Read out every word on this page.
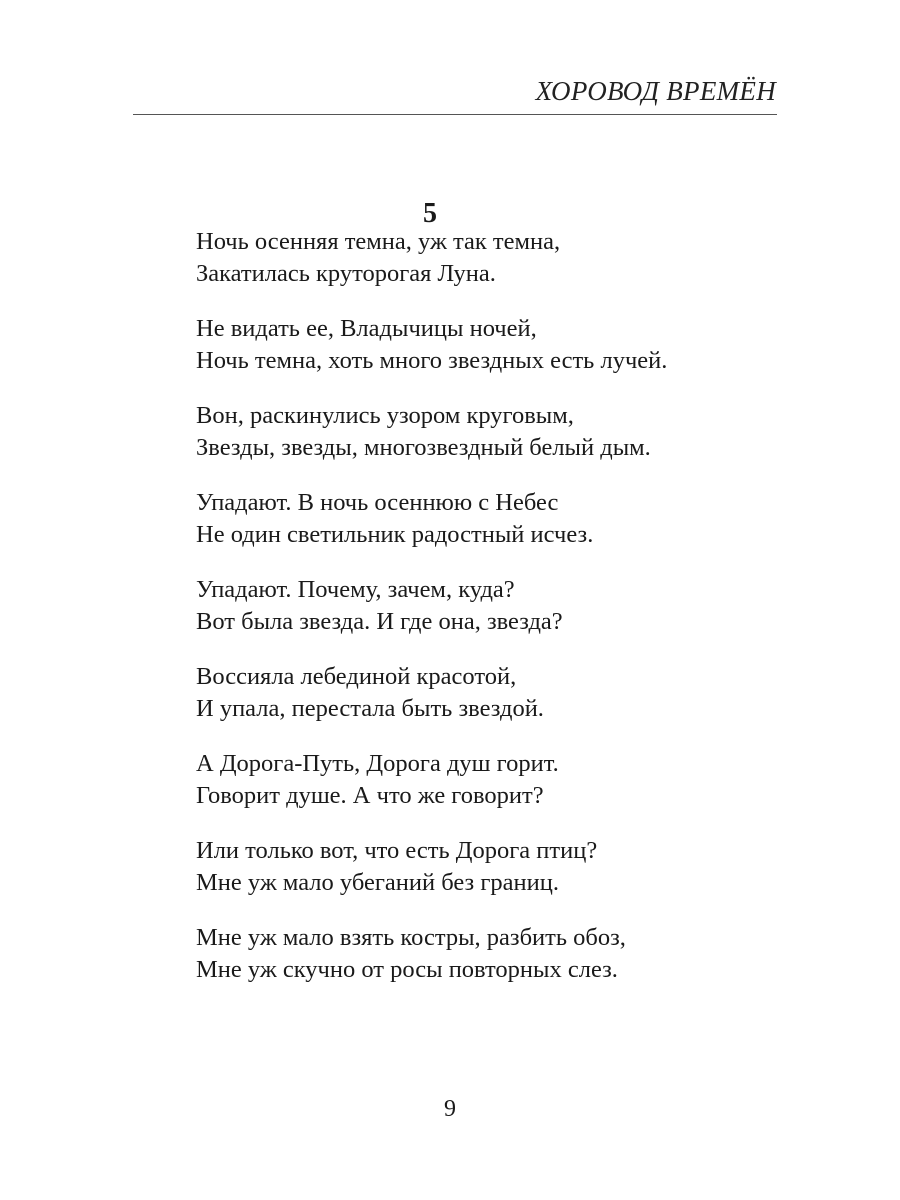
ХОРОВОД ВРЕМЁН
5
Ночь осенняя темна, уж так темна,
Закатилась круторогая Луна.
Не видать ее, Владычицы ночей,
Ночь темна, хоть много звездных есть лучей.
Вон, раскинулись узором круговым,
Звезды, звезды, многозвездный белый дым.
Упадают. В ночь осеннюю с Небес
Не один светильник радостный исчез.
Упадают. Почему, зачем, куда?
Вот была звезда. И где она, звезда?
Воссияла лебединой красотой,
И упала, перестала быть звездой.
А Дорога-Путь, Дорога душ горит.
Говорит душе. А что же говорит?
Или только вот, что есть Дорога птиц?
Мне уж мало убеганий без границ.
Мне уж мало взять костры, разбить обоз,
Мне уж скучно от росы повторных слез.
9
